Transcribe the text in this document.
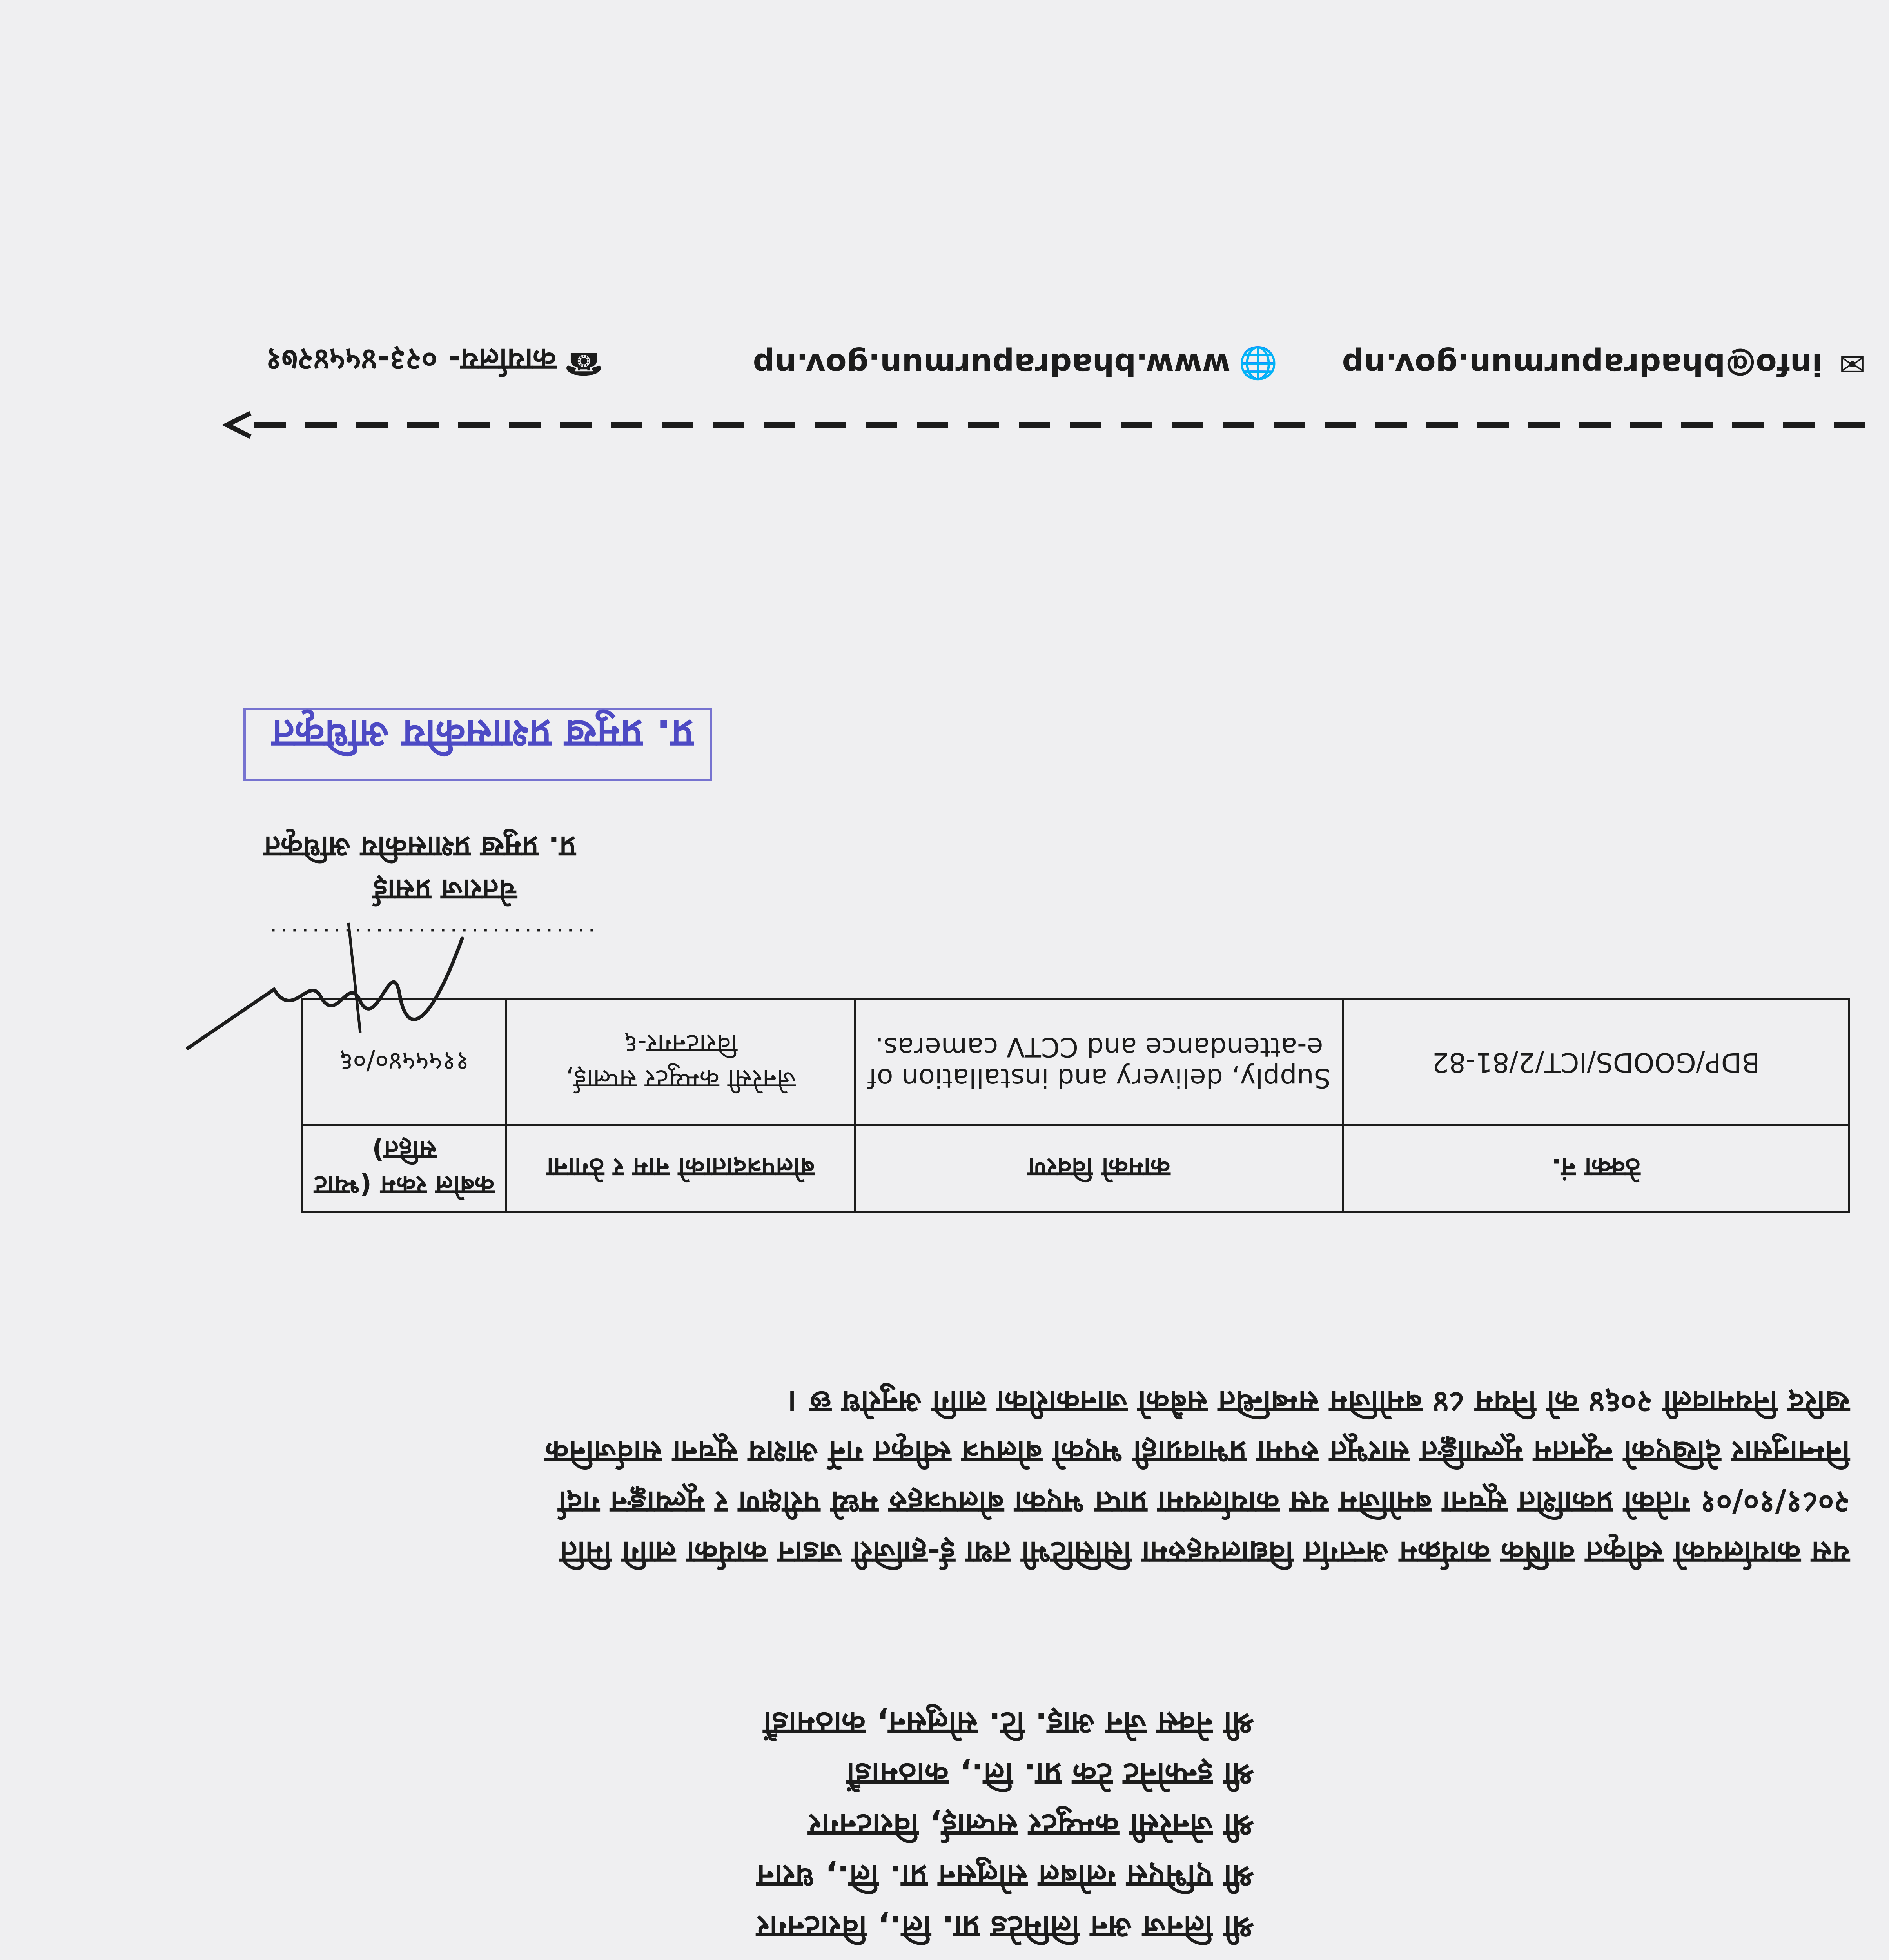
श्री लिनज अन लिमिटेड प्रा. लि., विराटनगर
श्री एभिएस ग्लोबल सोलुसन प्रा. लि., धरान
श्री जेनरेसी कम्प्युटर सप्लाई, विराटनगर
श्री इन्फोनेट टेक प्रा. लि., काठमाडौं
श्री नेक्स जेन आइ. टि. सोलुसन, काठमाडौं
यस कार्यालयको स्वीकृत वार्षिक कार्यक्रम अन्तर्गत विद्यालयहरुमा सिसिटिभी तथा ई-हाजिरी जडान कार्यका लागि मिति
२०८१/१०/०१ गतेको प्रकाशित सूचना बमोजिम यस कार्यालयमा प्राप्त भएका बोलपत्रहरु मध्ये परीक्षण र मूल्याङ्कन गर्दा
निम्नानुसार देखिएको न्यूनतम मूल्याङ्कित सारभूत रुपमा प्रभावग्राही भएको बोलपत्र स्वीकृत गर्ने आशय सूचना सार्वजनिक
खरिद नियमावली २०६४ को नियम ८४ बमोजिम सम्बन्धित सबैको जानकारीका लागि अनुरोध छ ।
ठेक्का नं.	कामको विवरण	बोलपत्रदाताको नाम र ठेगाना	कबोल रकम (भ्याट सहित)
BDP/GOODS/ICT/2/81-82	Supply, delivery and installation of e-attendance and CCTV cameras.	जेनरेसी कम्प्युटर सप्लाई, विराटनगर-६	११५५५४०/०६
...............................
चेतराज प्रसाई
प्र. प्रमुख प्रशासकीय अधिकृत
प्र. प्रमुख प्रशासकीय अधिकृत
✉
info@bhadrapurmun.gov.np
🌐
www.bhadrapurmun.gov.np
☎
कार्यालय- ०२३-४५५४२७१
